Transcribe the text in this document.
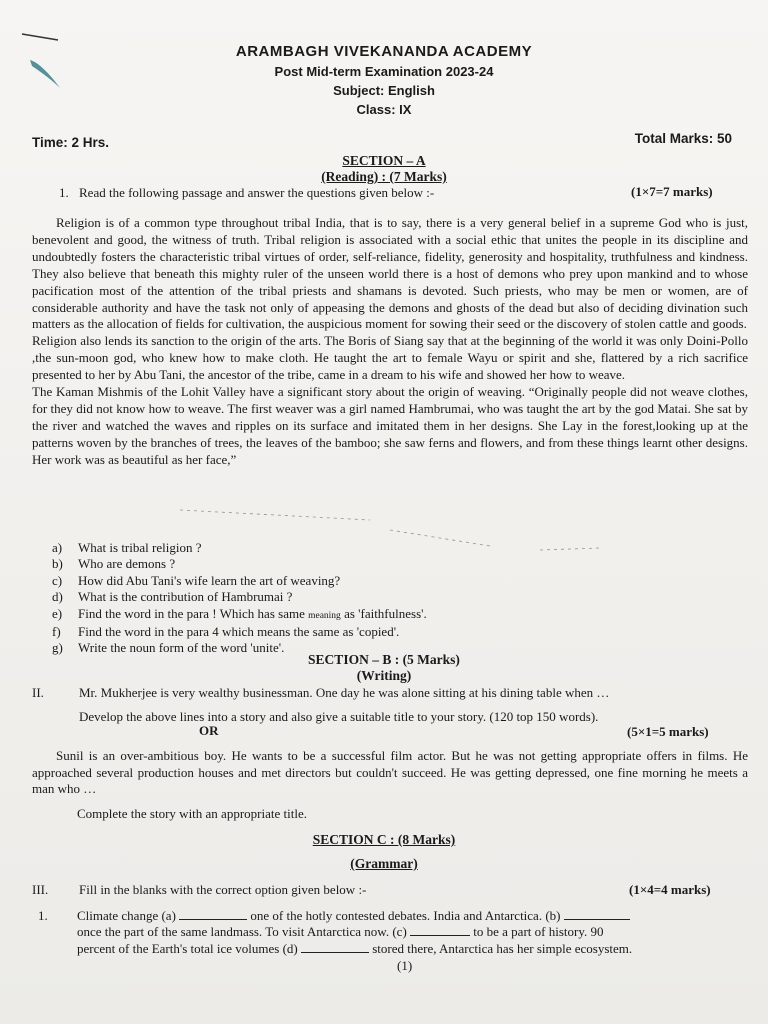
ARAMBAGH VIVEKANANDA ACADEMY
Post Mid-term Examination 2023-24
Subject: English
Class: IX
Time: 2 Hrs.	Total Marks: 50
SECTION – A
(Reading) : (7 Marks)
1. Read the following passage and answer the questions given below :-	(1×7=7 marks)

Religion is of a common type throughout tribal India, that is to say, there is a very general belief in a supreme God who is just, benevolent and good, the witness of truth. Tribal religion is associated with a social ethic that unites the people in its discipline and undoubtedly fosters the characteristic tribal virtues of order, self-reliance, fidelity, generosity and hospitality, truthfulness and kindness. They also believe that beneath this mighty ruler of the unseen world there is a host of demons who prey upon mankind and to whose pacification most of the attention of the tribal priests and shamans is devoted. Such priests, who may be men or women, are of considerable authority and have the task not only of appeasing the demons and ghosts of the dead but also of deciding divination such matters as the allocation of fields for cultivation, the auspicious moment for sowing their seed or the discovery of stolen cattle and goods.

Religion also lends its sanction to the origin of the arts. The Boris of Siang say that at the beginning of the world it was only Doini-Pollo ,the sun-moon god, who knew how to make cloth. He taught the art to female Wayu or spirit and she, flattered by a rich sacrifice presented to her by Abu Tani, the ancestor of the tribe, came in a dream to his wife and showed her how to weave.

The Kaman Mishmis of the Lohit Valley have a significant story about the origin of weaving. “Originally people did not weave clothes, for they did not know how to weave. The first weaver was a girl named Hambrumai, who was taught the art by the god Matai. She sat by the river and watched the waves and ripples on its surface and imitated them in her designs. She Lay in the forest,looking up at the patterns woven by the branches of trees, the leaves of the bamboo; she saw ferns and flowers, and from these things learnt other designs. Her work was as beautiful as her face,”

a) What is tribal religion ?
b) Who are demons ?
c) How did Abu Tani's wife learn the art of weaving?
d) What is the contribution of Hambrumai ?
e) Find the word in the para ! Which has same meaning as 'faithfulness'.
f) Find the word in the para 4 which means the same as 'copied'.
g) Write the noun form of the word 'unite'.
SECTION – B : (5 Marks)
(Writing)
II.	Mr. Mukherjee is very wealthy businessman. One day he was alone sitting at his dining table when …
Develop the above lines into a story and also give a suitable title to your story. (120 top 150 words).
OR	(5×1=5 marks)

Sunil is an over-ambitious boy. He wants to be a successful film actor. But he was not getting appropriate offers in films. He approached several production houses and met directors but couldn't succeed. He was getting depressed, one fine morning he meets a man who …

Complete the story with an appropriate title.
SECTION C : (8 Marks)
(Grammar)
III. Fill in the blanks with the correct option given below :-	(1×4=4 marks)
1. Climate change (a)	one of the hotly contested debates. India and Antarctica. (b)
once the part of the same landmass. To visit Antarctica now. (c)	to be a part of history. 90
percent of the Earth's total ice volumes (d)	stored there, Antarctica has her simple ecosystem.
(1)
